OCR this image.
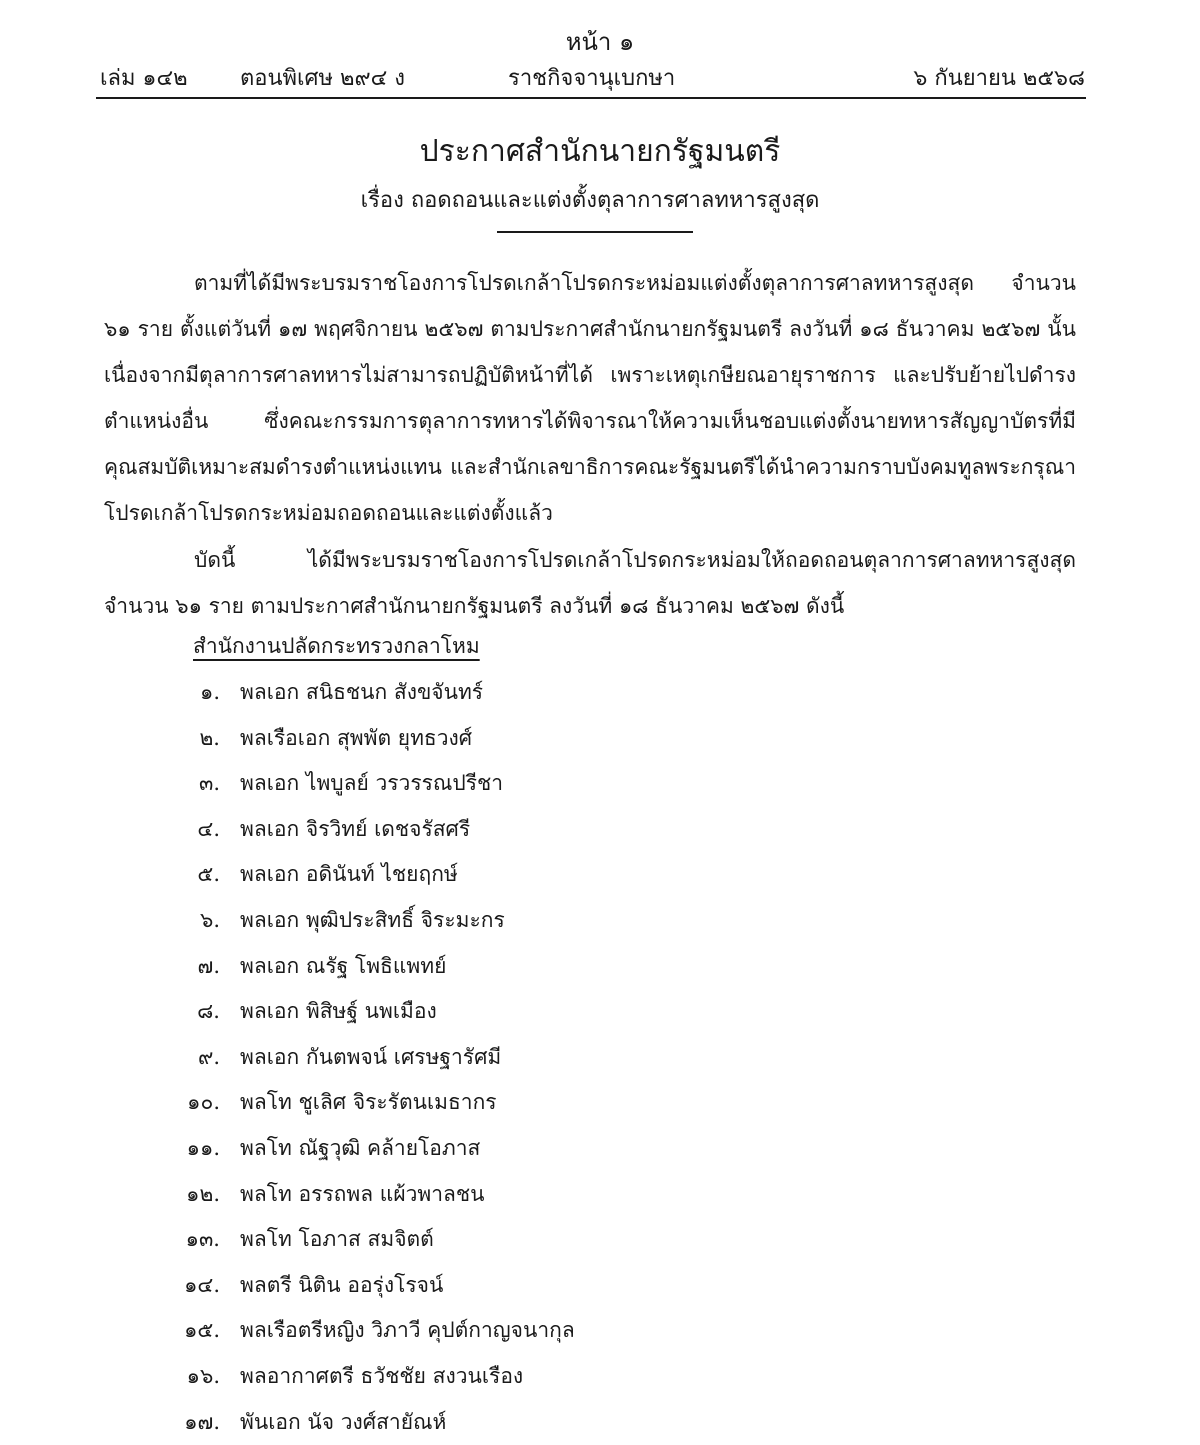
หน้า ๑
เล่ม ๑๔๒ ตอนพิเศษ ๒๙๔ ง	ราชกิจจานุเบกษา	๖ กันยายน ๒๕๖๘
ประกาศสำนักนายกรัฐมนตรี
เรื่อง ถอดถอนและแต่งตั้งตุลาการศาลทหารสูงสุด
ตามที่ได้มีพระบรมราชโองการโปรดเกล้าโปรดกระหม่อมแต่งตั้งตุลาการศาลทหารสูงสุด จำนวน ๖๑ ราย ตั้งแต่วันที่ ๑๗ พฤศจิกายน ๒๕๖๗ ตามประกาศสำนักนายกรัฐมนตรี ลงวันที่ ๑๘ ธันวาคม ๒๕๖๗ นั้น เนื่องจากมีตุลาการศาลทหารไม่สามารถปฏิบัติหน้าที่ได้ เพราะเหตุเกษียณอายุราชการ และปรับย้ายไปดำรงตำแหน่งอื่น ซึ่งคณะกรรมการตุลาการทหารได้พิจารณาให้ความเห็นชอบแต่งตั้งนายทหารสัญญาบัตรที่มีคุณสมบัติเหมาะสมดำรงตำแหน่งแทน และสำนักเลขาธิการคณะรัฐมนตรีได้นำความกราบบังคมทูลพระกรุณาโปรดเกล้าโปรดกระหม่อมถอดถอนและแต่งตั้งแล้ว
บัดนี้ ได้มีพระบรมราชโองการโปรดเกล้าโปรดกระหม่อมให้ถอดถอนตุลาการศาลทหารสูงสุด จำนวน ๖๑ ราย ตามประกาศสำนักนายกรัฐมนตรี ลงวันที่ ๑๘ ธันวาคม ๒๕๖๗ ดังนี้
สำนักงานปลัดกระทรวงกลาโหม
๑. พลเอก สนิธชนก สังขจันทร์
๒. พลเรือเอก สุพพัต ยุทธวงศ์
๓. พลเอก ไพบูลย์ วรวรรณปรีชา
๔. พลเอก จิรวิทย์ เดชจรัสศรี
๕. พลเอก อดินันท์ ไชยฤกษ์
๖. พลเอก พุฒิประสิทธิ์ จิระมะกร
๗. พลเอก ณรัฐ โพธิแพทย์
๘. พลเอก พิสิษฐ์ นพเมือง
๙. พลเอก กันตพจน์ เศรษฐารัศมี
๑๐. พลโท ชูเลิศ จิระรัตนเมธากร
๑๑. พลโท ณัฐวุฒิ คล้ายโอภาส
๑๒. พลโท อรรถพล แผ้วพาลชน
๑๓. พลโท โอภาส สมจิตต์
๑๔. พลตรี นิติน ออรุ่งโรจน์
๑๕. พลเรือตรีหญิง วิภาวี คุปต์กาญจนากุล
๑๖. พลอากาศตรี ธวัชชัย สงวนเรือง
๑๗. พันเอก นัจ วงศ์สายัณห์
